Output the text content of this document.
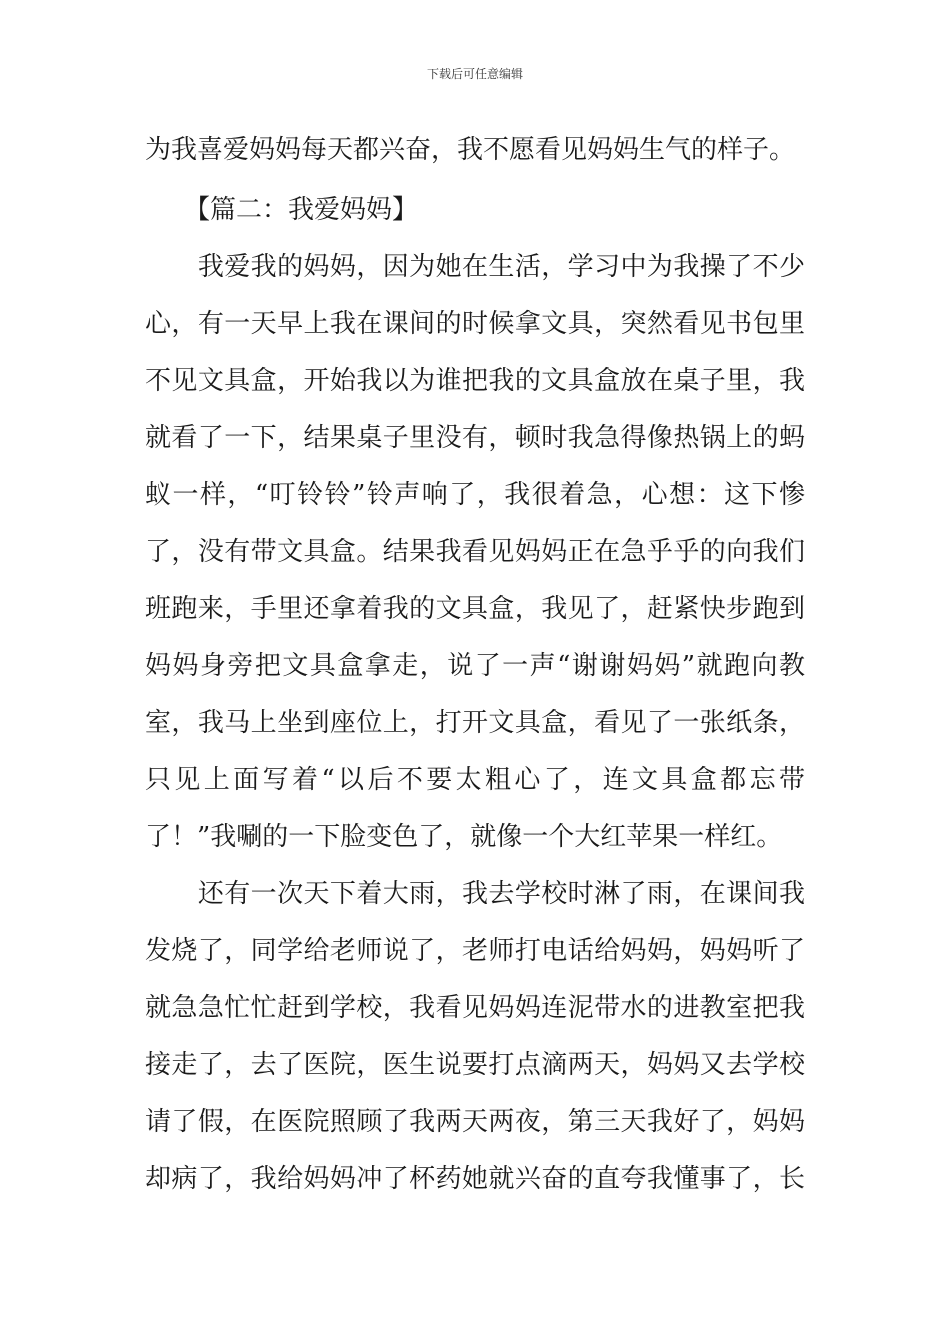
下载后可任意编辑
为我喜爱妈妈每天都兴奋，我不愿看见妈妈生气的样子。
　　【篇二：我爱妈妈】
　　我爱我的妈妈，因为她在生活，学习中为我操了不少
心，有一天早上我在课间的时候拿文具，突然看见书包里
不见文具盒，开始我以为谁把我的文具盒放在桌子里，我
就看了一下，结果桌子里没有，顿时我急得像热锅上的蚂
蚁一样，“叮铃铃”铃声响了，我很着急，心想：这下惨
了，没有带文具盒。结果我看见妈妈正在急乎乎的向我们
班跑来，手里还拿着我的文具盒，我见了，赶紧快步跑到
妈妈身旁把文具盒拿走，说了一声“谢谢妈妈”就跑向教
室，我马上坐到座位上，打开文具盒，看见了一张纸条，
只见上面写着“以后不要太粗心了，连文具盒都忘带
了！”我唰的一下脸变色了，就像一个大红苹果一样红。
　　还有一次天下着大雨，我去学校时淋了雨，在课间我
发烧了，同学给老师说了，老师打电话给妈妈，妈妈听了
就急急忙忙赶到学校，我看见妈妈连泥带水的进教室把我
接走了，去了医院，医生说要打点滴两天，妈妈又去学校
请了假，在医院照顾了我两天两夜，第三天我好了，妈妈
却病了，我给妈妈冲了杯药她就兴奋的直夸我懂事了，长
